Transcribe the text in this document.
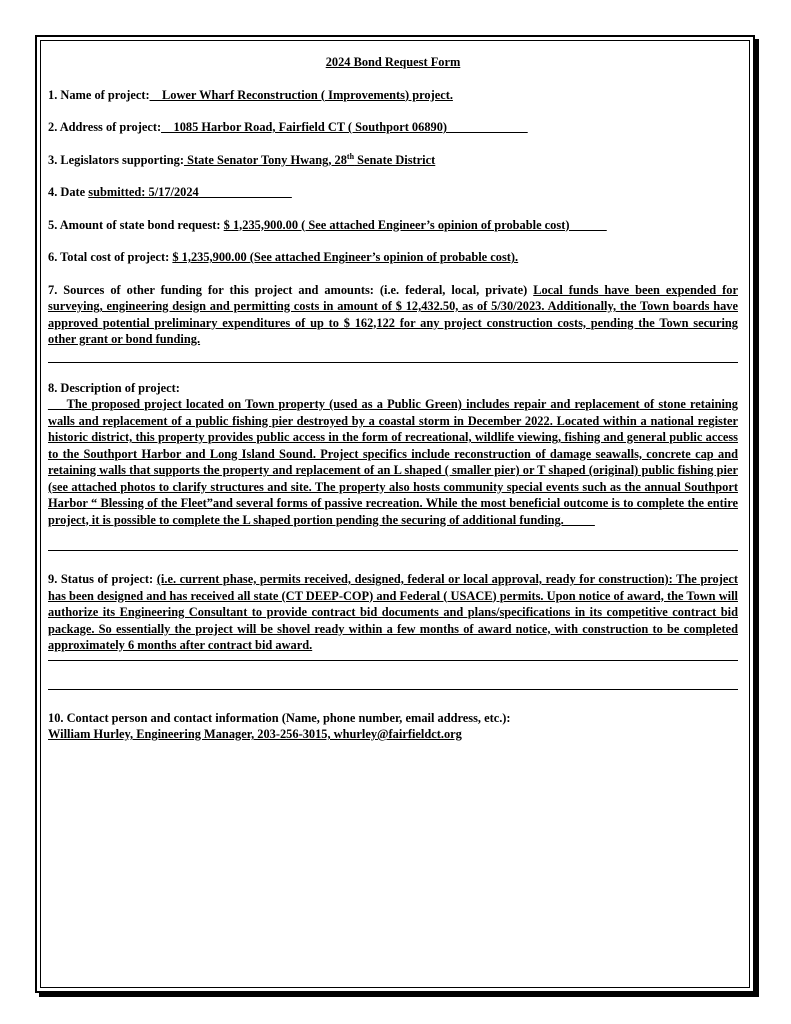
2024 Bond Request Form

1. Name of project:__Lower Wharf Reconstruction ( Improvements) project.

2. Address of project:__1085 Harbor Road, Fairfield CT ( Southport 06890)_____________

3. Legislators supporting: State Senator Tony Hwang, 28th Senate District

4. Date submitted: 5/17/2024_______________

5. Amount of state bond request: $ 1,235,900.00 ( See attached Engineer’s opinion of probable cost)______

6. Total cost of project: $ 1,235,900.00 (See attached Engineer’s opinion of probable cost).

7. Sources of other funding for this project and amounts: (i.e. federal, local, private) Local funds have been expended for surveying, engineering design and permitting costs in amount of $ 12,432.50, as of 5/30/2023. Additionally, the Town boards have approved potential preliminary expenditures of up to $ 162,122 for any project construction costs, pending the Town securing other grant or bond funding.

8. Description of project:

___The proposed project located on Town property (used as a Public Green) includes repair and replacement of stone retaining walls and replacement of a public fishing pier destroyed by a coastal storm in December 2022. Located within a national register historic district, this property provides public access in the form of recreational, wildlife viewing, fishing and general public access to the Southport Harbor and Long Island Sound. Project specifics include reconstruction of damage seawalls, concrete cap and retaining walls that supports the property and replacement of an L shaped ( smaller pier) or T shaped (original) public fishing pier (see attached photos to clarify structures and site. The property also hosts community special events such as the annual Southport Harbor “ Blessing of the Fleet”and several forms of passive recreation. While the most beneficial outcome is to complete the entire project, it is possible to complete the L shaped portion pending the securing of additional funding._____

9. Status of project: (i.e. current phase, permits received, designed, federal or local approval, ready for construction): The project has been designed and has received all state (CT DEEP-COP) and Federal ( USACE) permits. Upon notice of award, the Town will authorize its Engineering Consultant to provide contract bid documents and plans/specifications in its competitive contract bid package. So essentially the project will be shovel ready within a few months of award notice, with construction to be completed approximately 6 months after contract bid award.

10. Contact person and contact information (Name, phone number, email address, etc.):

William Hurley, Engineering Manager, 203-256-3015, whurley@fairfieldct.org
